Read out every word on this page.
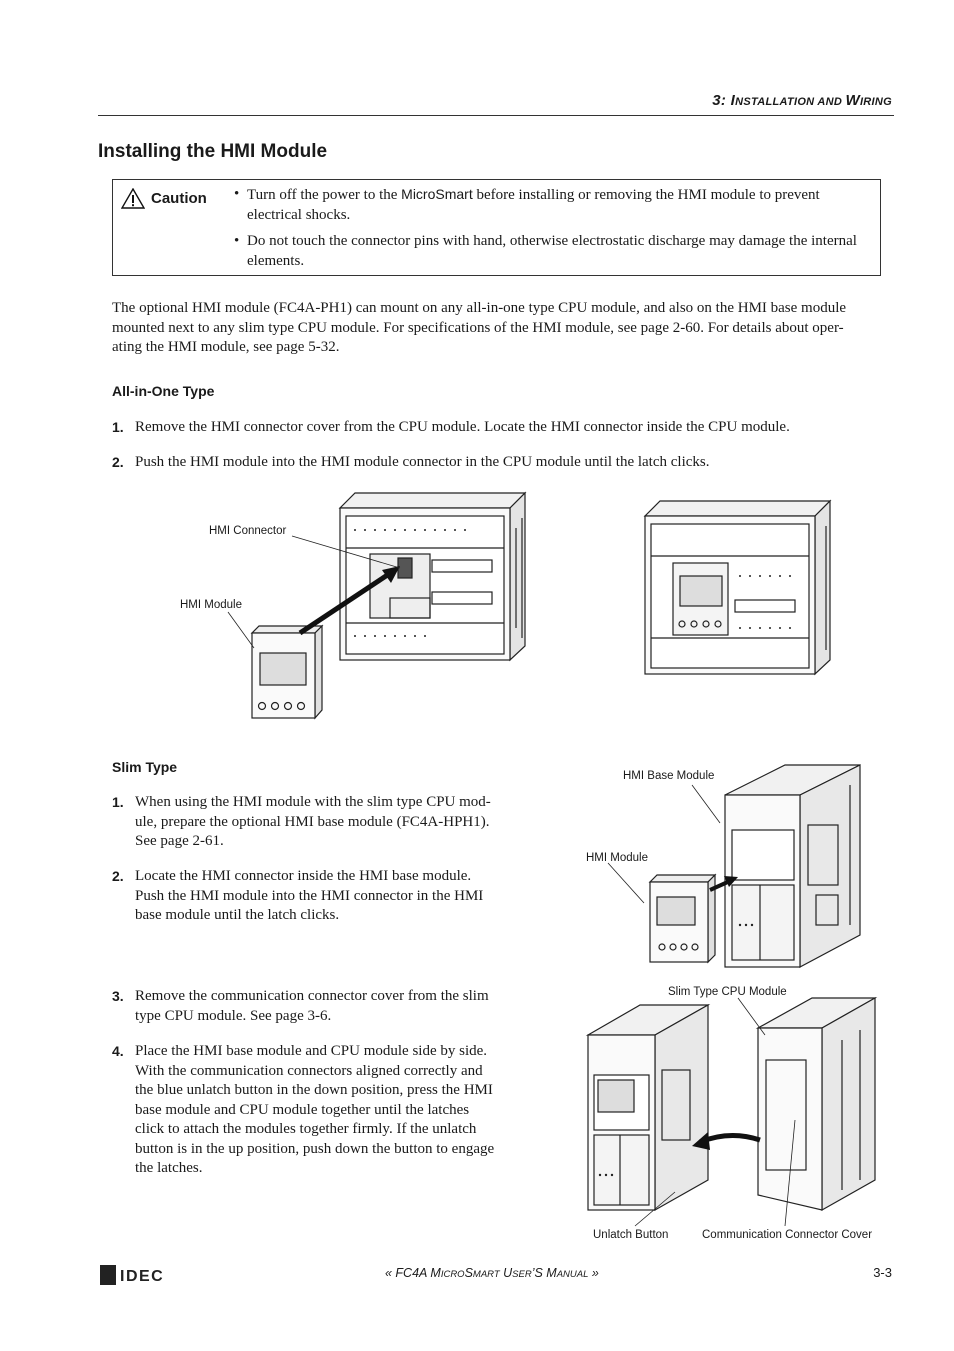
3: INSTALLATION AND WIRING
Installing the HMI Module
Caution • Turn off the power to the MicroSmart before installing or removing the HMI module to prevent electrical shocks.
• Do not touch the connector pins with hand, otherwise electrostatic discharge may damage the internal elements.
The optional HMI module (FC4A-PH1) can mount on any all-in-one type CPU module, and also on the HMI base module
mounted next to any slim type CPU module. For specifications of the HMI module, see page 2-60. For details about oper-
ating the HMI module, see page 5-32.
All-in-One Type
1. Remove the HMI connector cover from the CPU module. Locate the HMI connector inside the CPU module.
2. Push the HMI module into the HMI module connector in the CPU module until the latch clicks.
HMI Connector
HMI Module
Slim Type
1. When using the HMI module with the slim type CPU mod-
ule, prepare the optional HMI base module (FC4A-HPH1).
See page 2-61.
2. Locate the HMI connector inside the HMI base module.
Push the HMI module into the HMI connector in the HMI
base module until the latch clicks.
3. Remove the communication connector cover from the slim
type CPU module. See page 3-6.
4. Place the HMI base module and CPU module side by side.
With the communication connectors aligned correctly and
the blue unlatch button in the down position, press the HMI
base module and CPU module together until the latches
click to attach the modules together firmly. If the unlatch
button is in the up position, push down the button to engage
the latches.
HMI Base Module
HMI Module
Slim Type CPU Module
Unlatch Button	Communication Connector Cover
IDEC	« FC4A MICROSMART USER’S MANUAL »	3-3
